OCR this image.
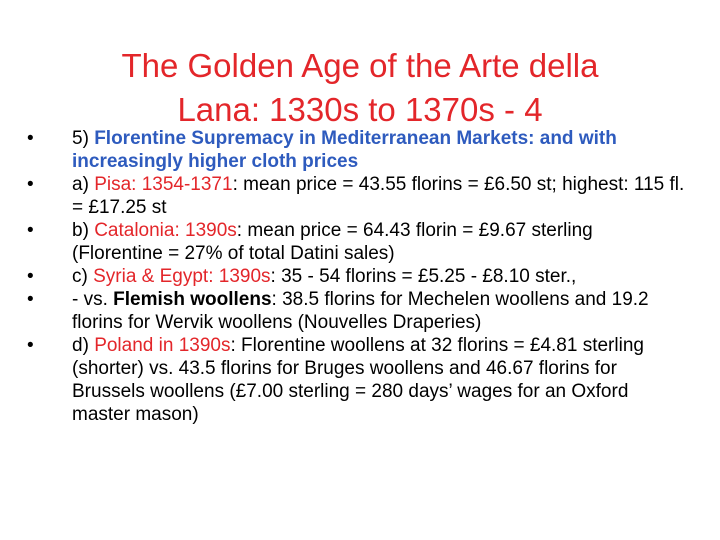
The Golden Age of the Arte della
Lana: 1330s to 1370s - 4
•	5) Florentine Supremacy in Mediterranean Markets: and with increasingly higher cloth prices
•	a) Pisa: 1354-1371: mean price = 43.55 florins = £6.50 st; highest: 115 fl. = £17.25 st
•	b) Catalonia: 1390s: mean price = 64.43 florin = £9.67 sterling (Florentine = 27% of total Datini sales)
•	c) Syria & Egypt: 1390s: 35 - 54 florins = £5.25 - £8.10 ster.,
•	- vs. Flemish woollens: 38.5 florins for Mechelen woollens and 19.2 florins for Wervik woollens (Nouvelles Draperies)
•	d) Poland in 1390s: Florentine woollens at 32 florins = £4.81 sterling (shorter) vs. 43.5 florins for Bruges woollens and 46.67 florins for Brussels woollens (£7.00 sterling = 280 days’ wages for an Oxford master mason)
